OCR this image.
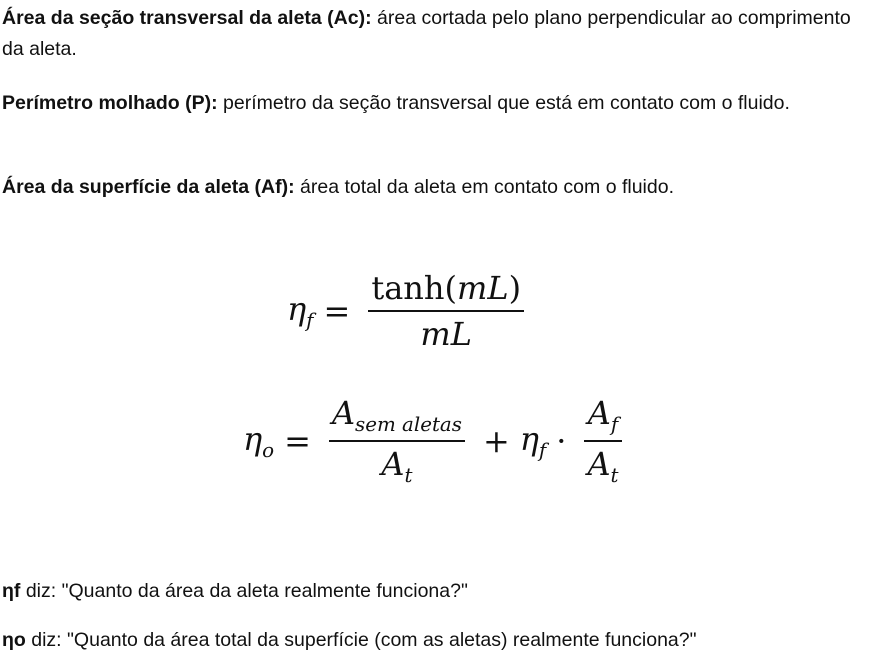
Área da seção transversal da aleta (Ac): área cortada pelo plano perpendicular ao comprimento da aleta.

Perímetro molhado (P): perímetro da seção transversal que está em contato com o fluido.

Área da superfície da aleta (Af): área total da aleta em contato com o fluido.

$\eta_f = \frac{\tanh(mL)}{mL}$
$\eta_o = \frac{A_{sem aletas}}{A_t} + \eta_f \cdot \frac{A_f}{A_t}$

ηf diz: "Quanto da área da aleta realmente funciona?"

ηo diz: "Quanto da área total da superfície (com as aletas) realmente funciona?"
